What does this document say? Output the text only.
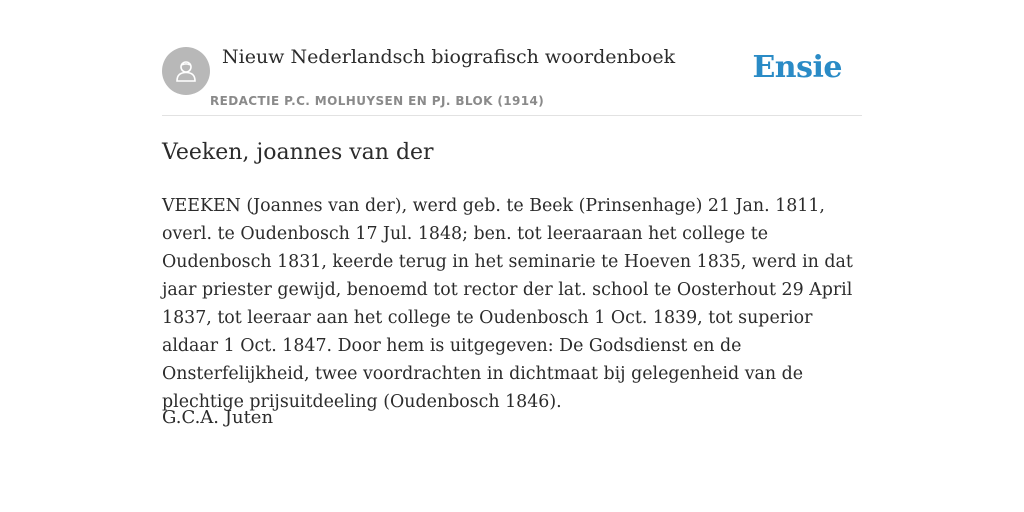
Nieuw Nederlandsch biografisch woordenboek
REDACTIE P.C. MOLHUYSEN EN PJ. BLOK (1914)
Ensie
Veeken, joannes van der

VEEKEN (Joannes van der), werd geb. te Beek (Prinsenhage) 21 Jan. 1811, overl. te Oudenbosch 17 Jul. 1848; ben. tot leeraaraan het college te Oudenbosch 1831, keerde terug in het seminarie te Hoeven 1835, werd in dat jaar priester gewijd, benoemd tot rector der lat. school te Oosterhout 29 April 1837, tot leeraar aan het college te Oudenbosch 1 Oct. 1839, tot superior aldaar 1 Oct. 1847. Door hem is uitgegeven: De Godsdienst en de Onsterfelijkheid, twee voordrachten in dichtmaat bij gelegenheid van de plechtige prijsuitdeeling (Oudenbosch 1846).

G.C.A. Juten
